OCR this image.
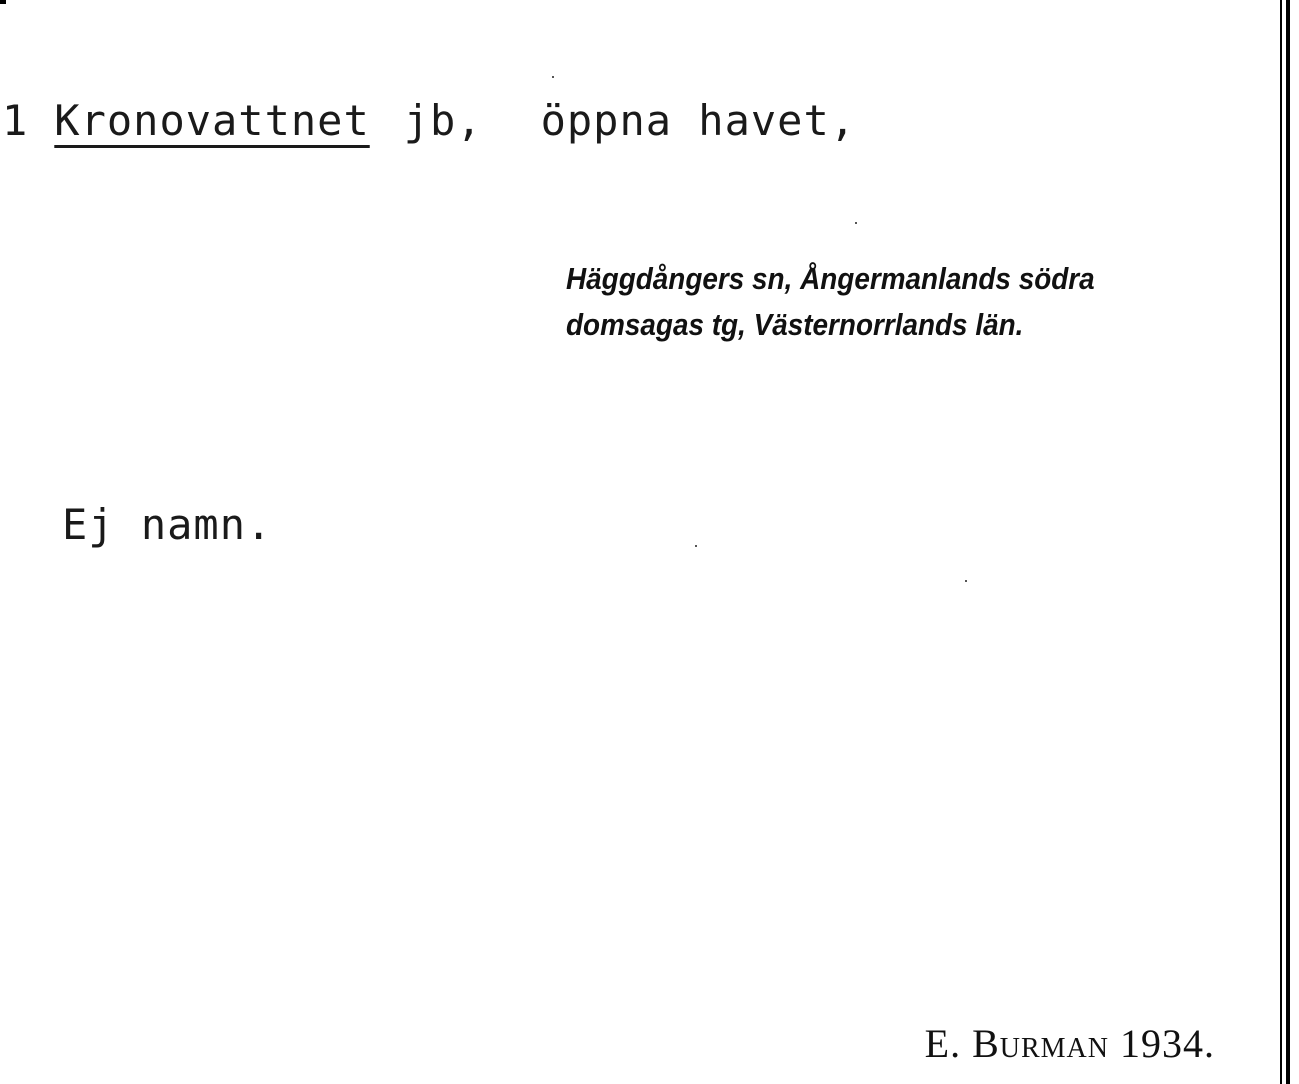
1 Kronovattnet jb, öppna havet,
Häggdångers sn, Ångermanlands södra
domsagas tg, Västernorrlands län.
Ej namn.
E. Burman 1934.
